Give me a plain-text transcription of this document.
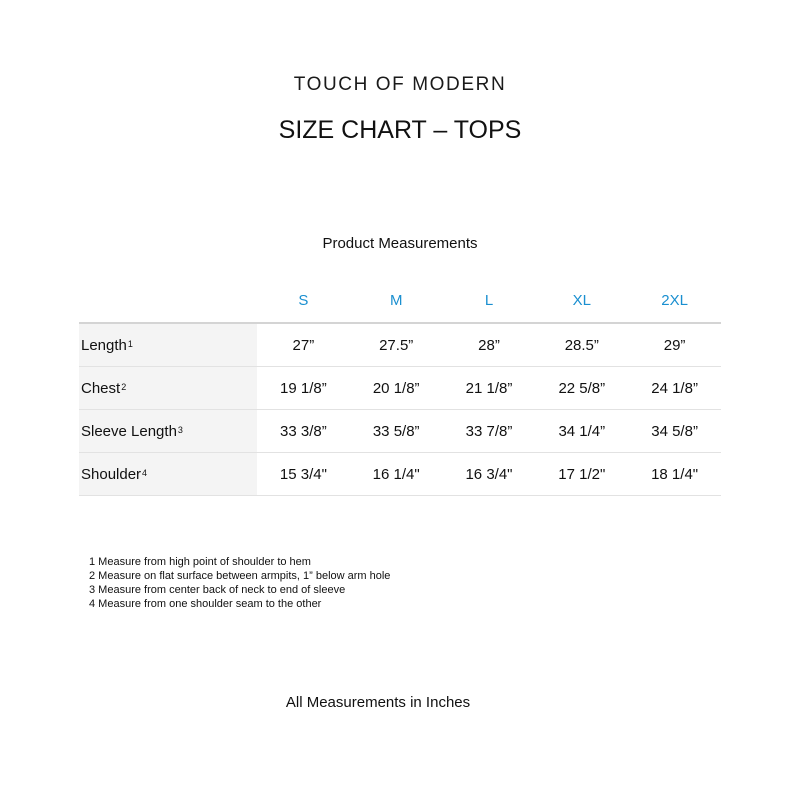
TOUCH OF MODERN
SIZE CHART – TOPS
Product Measurements
	S	M	L	XL	2XL
Length$^1$	27”	27.5”	28”	28.5”	29”
Chest$^2$	19 1/8”	20 1/8”	21 1/8”	22 5/8”	24 1/8”
Sleeve Length$^3$	33 3/8”	33 5/8”	33 7/8”	34 1/4”	34 5/8”
Shoulder$^4$	15 3/4"	16 1/4"	16 3/4"	17 1/2"	18 1/4"
1 Measure from high point of shoulder to hem
2 Measure on flat surface between armpits, 1” below arm hole
3 Measure from center back of neck to end of sleeve
4 Measure from one shoulder seam to the other
All Measurements in Inches
